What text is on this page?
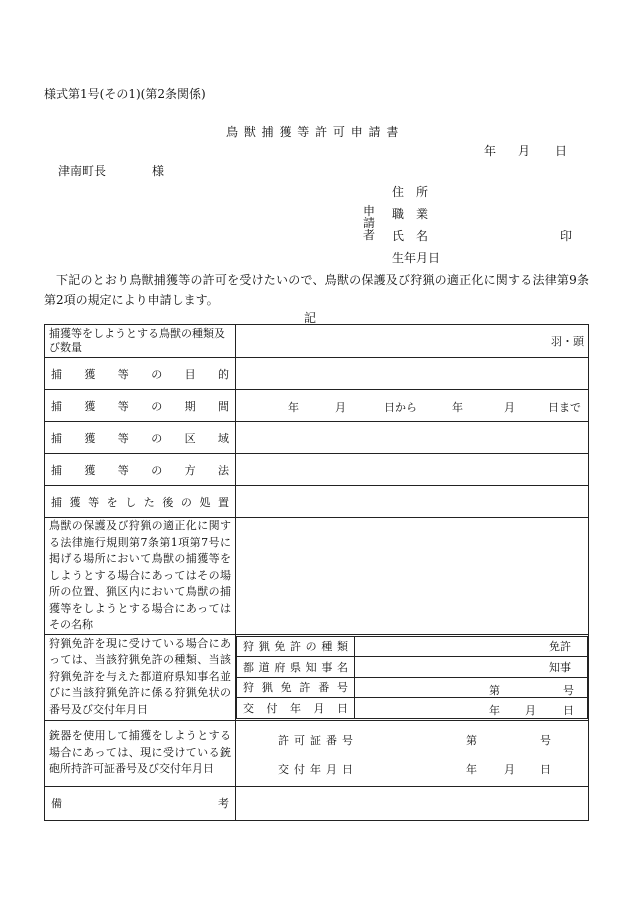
様式第1号(その1)(第2条関係)
鳥 獣 捕 獲 等 許 可 申 請 書
年 月 日
津南町長	様
住　所
申
請
者
職　業
氏　名	印
生年月日
下記のとおり鳥獣捕獲等の許可を受けたいので、鳥獣の保護及び狩猟の適正化に関する法律第9条第2項の規定により申請します。
記
捕獲等をしようとする鳥獣の種類及び数量	羽・頭
捕獲等の目的	
捕獲等の期間	年	月	日から	年	月	日まで

捕獲等の区域	
捕獲等の方法	
捕獲等をした後の処置	
鳥獣の保護及び狩猟の適正化に関する法律施行規則第7条第1項第7号に掲げる場所において鳥獣の捕獲等をしようとする場合にあってはその場所の位置、猟区内において鳥獣の捕獲等をしようとする場合にあってはその名称	
狩猟免許を現に受けている場合にあっては、当該狩猟免許の種類、当該狩猟免許を与えた都道府県知事名並びに当該狩猟免許に係る狩猟免状の番号及び交付年月日	
狩猟免許の種類	免許
都道府県知事名	知事
狩猟免許番号	第	号

交付年月日	年 月 日

銃器を使用して捕獲をしようとする場合にあっては、現に受けている銃砲所持許可証番号及び交付年月日	
許可証番号	第	号
交付年月日	年 月 日

備考	
